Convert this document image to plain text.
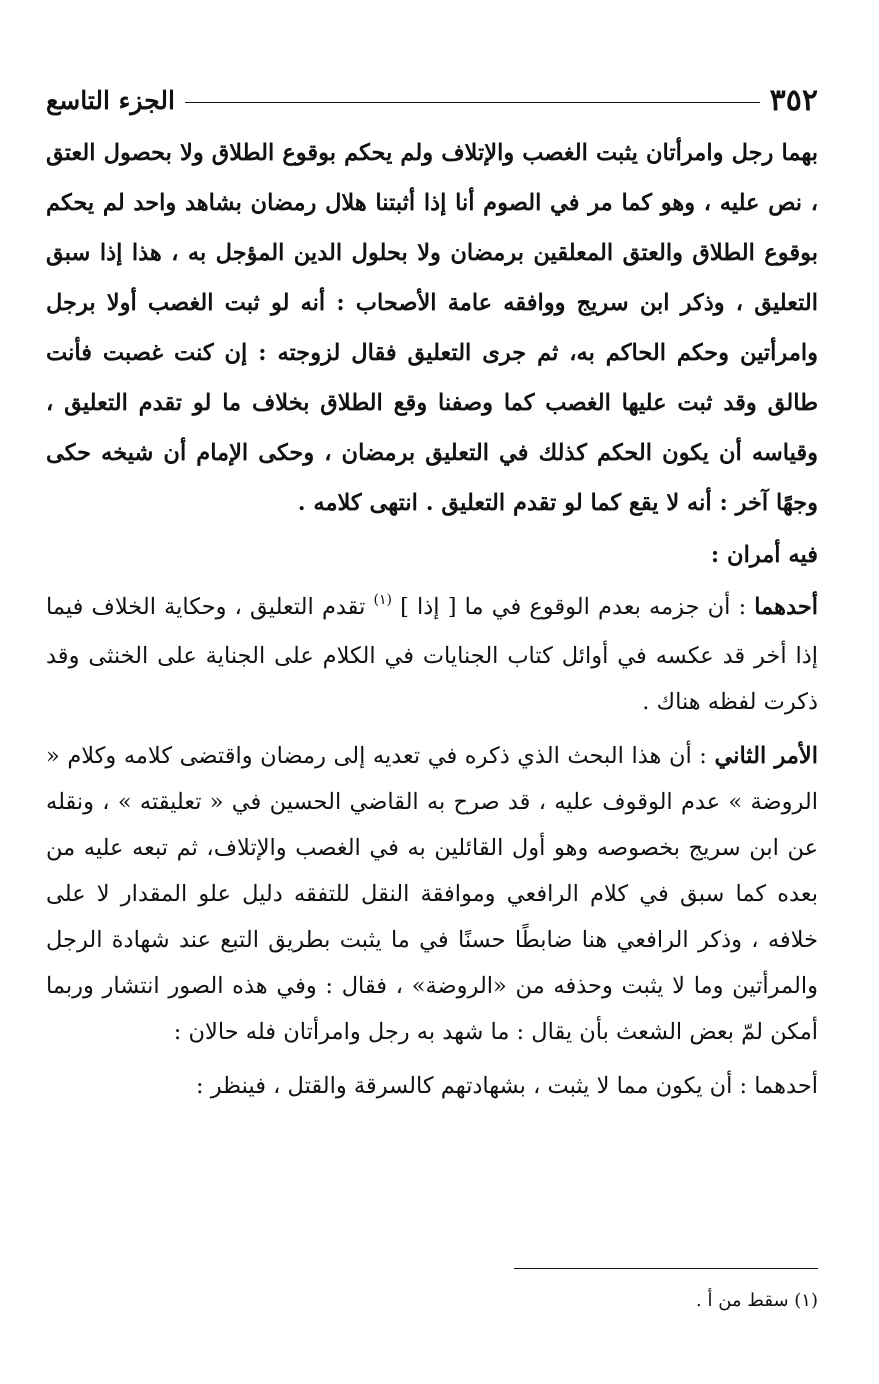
٣٥٢
الجزء التاسع

بهما رجل وامرأتان يثبت الغصب والإتلاف ولم يحكم بوقوع الطلاق ولا بحصول العتق ، نص عليه ، وهو كما مر في الصوم أنا إذا أثبتنا هلال رمضان بشاهد واحد لم يحكم بوقوع الطلاق والعتق المعلقين برمضان ولا بحلول الدين المؤجل به ، هذا إذا سبق التعليق ، وذكر ابن سريج ووافقه عامة الأصحاب : أنه لو ثبت الغصب أولا برجل وامرأتين وحكم الحاكم به، ثم جرى التعليق فقال لزوجته : إن كنت غصبت فأنت طالق وقد ثبت عليها الغصب كما وصفنا وقع الطلاق بخلاف ما لو تقدم التعليق ، وقياسه أن يكون الحكم كذلك في التعليق برمضان ، وحكى الإمام أن شيخه حكى وجهًا آخر : أنه لا يقع كما لو تقدم التعليق . انتهى كلامه .

فيه أمران :

أحدهما : أن جزمه بعدم الوقوع في ما [ إذا ] $^{(١)}$ تقدم التعليق ، وحكاية الخلاف فيما إذا أخر قد عكسه في أوائل كتاب الجنايات في الكلام على الجناية على الخنثى وقد ذكرت لفظه هناك .

الأمر الثاني : أن هذا البحث الذي ذكره في تعديه إلى رمضان واقتضى كلامه وكلام « الروضة » عدم الوقوف عليه ، قد صرح به القاضي الحسين في « تعليقته » ، ونقله عن ابن سريج بخصوصه وهو أول القائلين به في الغصب والإتلاف، ثم تبعه عليه من بعده كما سبق في كلام الرافعي وموافقة النقل للتفقه دليل علو المقدار لا على خلافه ، وذكر الرافعي هنا ضابطًا حسنًا في ما يثبت بطريق التبع عند شهادة الرجل والمرأتين وما لا يثبت وحذفه من «الروضة» ، فقال : وفي هذه الصور انتشار وربما أمكن لمّ بعض الشعث بأن يقال : ما شهد به رجل وامرأتان فله حالان :

أحدهما : أن يكون مما لا يثبت ، بشهادتهم كالسرقة والقتل ، فينظر :

(١) سقط من أ .
